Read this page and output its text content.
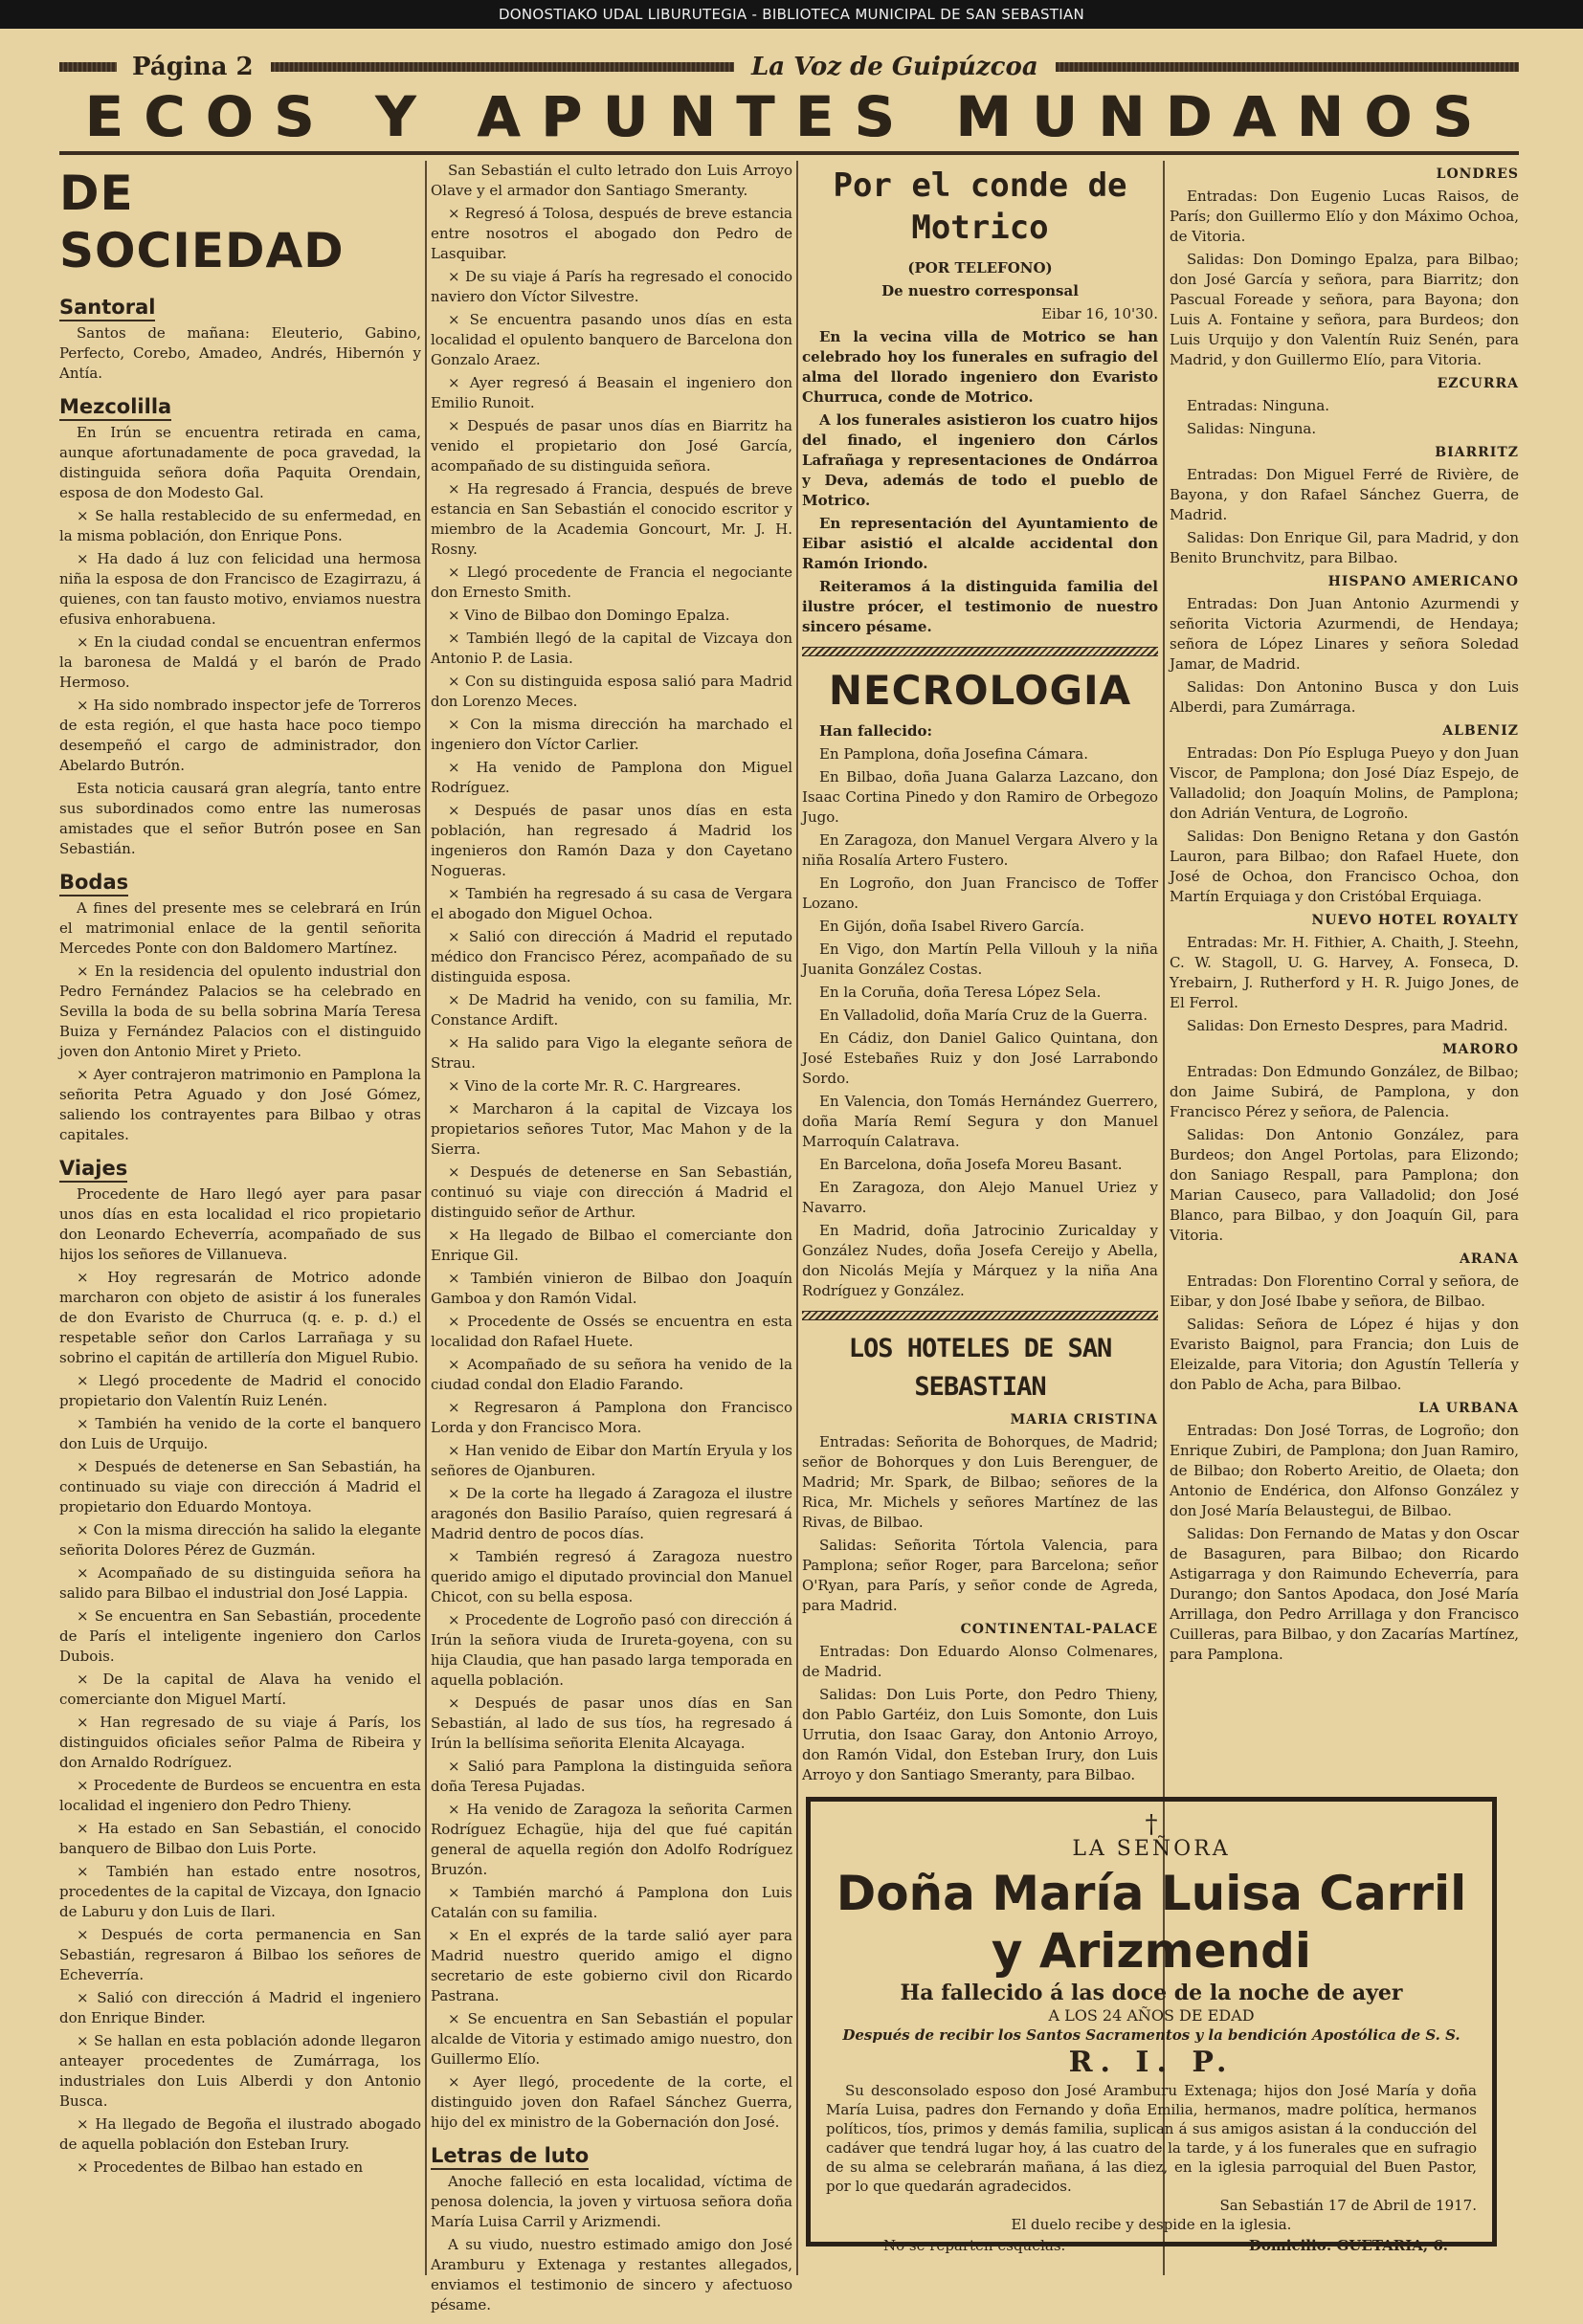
DONOSTIAKO UDAL LIBURUTEGIA - BIBLIOTECA MUNICIPAL DE SAN SEBASTIAN
Página 2	La Voz de Guipúzcoa
ECOS Y APUNTES MUNDANOS
DE SOCIEDAD
Santoral

Santos de mañana: Eleuterio, Gabino, Perfecto, Corebo, Amadeo, Andrés, Hibernón y Antía.

Mezcolilla

En Irún se encuentra retirada en cama, aunque afortunadamente de poca gravedad, la distinguida señora doña Paquita Orendain, esposa de don Modesto Gal.

× Se halla restablecido de su enfermedad, en la misma población, don Enrique Pons.

× Ha dado á luz con felicidad una hermosa niña la esposa de don Francisco de Ezagirrazu, á quienes, con tan fausto motivo, enviamos nuestra efusiva enhorabuena.

× En la ciudad condal se encuentran enfermos la baronesa de Maldá y el barón de Prado Hermoso.

× Ha sido nombrado inspector jefe de Torreros de esta región, el que hasta hace poco tiempo desempeñó el cargo de administrador, don Abelardo Butrón.

Esta noticia causará gran alegría, tanto entre sus subordinados como entre las numerosas amistades que el señor Butrón posee en San Sebastián.

Bodas

A fines del presente mes se celebrará en Irún el matrimonial enlace de la gentil señorita Mercedes Ponte con don Baldomero Martínez.

× En la residencia del opulento industrial don Pedro Fernández Palacios se ha celebrado en Sevilla la boda de su bella sobrina María Teresa Buiza y Fernández Palacios con el distinguido joven don Antonio Miret y Prieto.

× Ayer contrajeron matrimonio en Pamplona la señorita Petra Aguado y don José Gómez, saliendo los contrayentes para Bilbao y otras capitales.

Viajes

Procedente de Haro llegó ayer para pasar unos días en esta localidad el rico propietario don Leonardo Echeverría, acompañado de sus hijos los señores de Villanueva.

× Hoy regresarán de Motrico adonde marcharon con objeto de asistir á los funerales de don Evaristo de Churruca (q. e. p. d.) el respetable señor don Carlos Larrañaga y su sobrino el capitán de artillería don Miguel Rubio.

× Llegó procedente de Madrid el conocido propietario don Valentín Ruiz Lenén.

× También ha venido de la corte el banquero don Luis de Urquijo.

× Después de detenerse en San Sebastián, ha continuado su viaje con dirección á Madrid el propietario don Eduardo Montoya.

× Con la misma dirección ha salido la elegante señorita Dolores Pérez de Guzmán.

× Acompañado de su distinguida señora ha salido para Bilbao el industrial don José Lappia.

× Se encuentra en San Sebastián, procedente de París el inteligente ingeniero don Carlos Dubois.

× De la capital de Alava ha venido el comerciante don Miguel Martí.

× Han regresado de su viaje á París, los distinguidos oficiales señor Palma de Ribeira y don Arnaldo Rodríguez.

× Procedente de Burdeos se encuentra en esta localidad el ingeniero don Pedro Thieny.

× Ha estado en San Sebastián, el conocido banquero de Bilbao don Luis Porte.

× También han estado entre nosotros, procedentes de la capital de Vizcaya, don Ignacio de Laburu y don Luis de Ilari.

× Después de corta permanencia en San Sebastián, regresaron á Bilbao los señores de Echeverría.

× Salió con dirección á Madrid el ingeniero don Enrique Binder.

× Se hallan en esta población adonde llegaron anteayer procedentes de Zumárraga, los industriales don Luis Alberdi y don Antonio Busca.

× Ha llegado de Begoña el ilustrado abogado de aquella población don Esteban Irury.

× Procedentes de Bilbao han estado en

San Sebastián el culto letrado don Luis Arroyo Olave y el armador don Santiago Smeranty.

× Regresó á Tolosa, después de breve estancia entre nosotros el abogado don Pedro de Lasquibar.

× De su viaje á París ha regresado el conocido naviero don Víctor Silvestre.

× Se encuentra pasando unos días en esta localidad el opulento banquero de Barcelona don Gonzalo Araez.

× Ayer regresó á Beasain el ingeniero don Emilio Runoit.

× Después de pasar unos días en Biarritz ha venido el propietario don José García, acompañado de su distinguida señora.

× Ha regresado á Francia, después de breve estancia en San Sebastián el conocido escritor y miembro de la Academia Goncourt, Mr. J. H. Rosny.

× Llegó procedente de Francia el negociante don Ernesto Smith.

× Vino de Bilbao don Domingo Epalza.

× También llegó de la capital de Vizcaya don Antonio P. de Lasia.

× Con su distinguida esposa salió para Madrid don Lorenzo Meces.

× Con la misma dirección ha marchado el ingeniero don Víctor Carlier.

× Ha venido de Pamplona don Miguel Rodríguez.

× Después de pasar unos días en esta población, han regresado á Madrid los ingenieros don Ramón Daza y don Cayetano Nogueras.

× También ha regresado á su casa de Vergara el abogado don Miguel Ochoa.

× Salió con dirección á Madrid el reputado médico don Francisco Pérez, acompañado de su distinguida esposa.

× De Madrid ha venido, con su familia, Mr. Constance Ardift.

× Ha salido para Vigo la elegante señora de Strau.

× Vino de la corte Mr. R. C. Hargreares.

× Marcharon á la capital de Vizcaya los propietarios señores Tutor, Mac Mahon y de la Sierra.

× Después de detenerse en San Sebastián, continuó su viaje con dirección á Madrid el distinguido señor de Arthur.

× Ha llegado de Bilbao el comerciante don Enrique Gil.

× También vinieron de Bilbao don Joaquín Gamboa y don Ramón Vidal.

× Procedente de Ossés se encuentra en esta localidad don Rafael Huete.

× Acompañado de su señora ha venido de la ciudad condal don Eladio Farando.

× Regresaron á Pamplona don Francisco Lorda y don Francisco Mora.

× Han venido de Eibar don Martín Eryula y los señores de Ojanburen.

× De la corte ha llegado á Zaragoza el ilustre aragonés don Basilio Paraíso, quien regresará á Madrid dentro de pocos días.

× También regresó á Zaragoza nuestro querido amigo el diputado provincial don Manuel Chicot, con su bella esposa.

× Procedente de Logroño pasó con dirección á Irún la señora viuda de Irureta-goyena, con su hija Claudia, que han pasado larga temporada en aquella población.

× Después de pasar unos días en San Sebastián, al lado de sus tíos, ha regresado á Irún la bellísima señorita Elenita Alcayaga.

× Salió para Pamplona la distinguida señora doña Teresa Pujadas.

× Ha venido de Zaragoza la señorita Carmen Rodríguez Echagüe, hija del que fué capitán general de aquella región don Adolfo Rodríguez Bruzón.

× También marchó á Pamplona don Luis Catalán con su familia.

× En el exprés de la tarde salió ayer para Madrid nuestro querido amigo el digno secretario de este gobierno civil don Ricardo Pastrana.

× Se encuentra en San Sebastián el popular alcalde de Vitoria y estimado amigo nuestro, don Guillermo Elío.

× Ayer llegó, procedente de la corte, el distinguido joven don Rafael Sánchez Guerra, hijo del ex ministro de la Gobernación don José.

Letras de luto

Anoche falleció en esta localidad, víctima de penosa dolencia, la joven y virtuosa señora doña María Luisa Carril y Arizmendi.

A su viudo, nuestro estimado amigo don José Aramburu y Extenaga y restantes allegados, enviamos el testimonio de sincero y afectuoso pésame.

Por el conde de Motrico

(POR TELEFONO)

De nuestro corresponsal

Eibar 16, 10'30.

En la vecina villa de Motrico se han celebrado hoy los funerales en sufragio del alma del llorado ingeniero don Evaristo Churruca, conde de Motrico.

A los funerales asistieron los cuatro hijos del finado, el ingeniero don Cárlos Lafrañaga y representaciones de Ondárroa y Deva, además de todo el pueblo de Motrico.

En representación del Ayuntamiento de Eibar asistió el alcalde accidental don Ramón Iriondo.

Reiteramos á la distinguida familia del ilustre prócer, el testimonio de nuestro sincero pésame.

NECROLOGIA

Han fallecido:

En Pamplona, doña Josefina Cámara.

En Bilbao, doña Juana Galarza Lazcano, don Isaac Cortina Pinedo y don Ramiro de Orbegozo Jugo.

En Zaragoza, don Manuel Vergara Alvero y la niña Rosalía Artero Fustero.

En Logroño, don Juan Francisco de Toffer Lozano.

En Gijón, doña Isabel Rivero García.

En Vigo, don Martín Pella Villouh y la niña Juanita González Costas.

En la Coruña, doña Teresa López Sela.

En Valladolid, doña María Cruz de la Guerra.

En Cádiz, don Daniel Galico Quintana, don José Estebañes Ruiz y don José Larrabondo Sordo.

En Valencia, don Tomás Hernández Guerrero, doña María Remí Segura y don Manuel Marroquín Calatrava.

En Barcelona, doña Josefa Moreu Basant.

En Zaragoza, don Alejo Manuel Uriez y Navarro.

En Madrid, doña Jatrocinio Zuricalday y González Nudes, doña Josefa Cereijo y Abella, don Nicolás Mejía y Márquez y la niña Ana Rodríguez y González.

LOS HOTELES DE SAN SEBASTIAN
MARIA CRISTINA

Entradas: Señorita de Bohorques, de Madrid; señor de Bohorques y don Luis Berenguer, de Madrid; Mr. Spark, de Bilbao; señores de la Rica, Mr. Michels y señores Martínez de las Rivas, de Bilbao.

Salidas: Señorita Tórtola Valencia, para Pamplona; señor Roger, para Barcelona; señor O'Ryan, para París, y señor conde de Agreda, para Madrid.

CONTINENTAL-PALACE

Entradas: Don Eduardo Alonso Colmenares, de Madrid.

Salidas: Don Luis Porte, don Pedro Thieny, don Pablo Gartéiz, don Luis Somonte, don Luis Urrutia, don Isaac Garay, don Antonio Arroyo, don Ramón Vidal, don Esteban Irury, don Luis Arroyo y don Santiago Smeranty, para Bilbao.

LONDRES

Entradas: Don Eugenio Lucas Raisos, de París; don Guillermo Elío y don Máximo Ochoa, de Vitoria.

Salidas: Don Domingo Epalza, para Bilbao; don José García y señora, para Biarritz; don Pascual Foreade y señora, para Bayona; don Luis A. Fontaine y señora, para Burdeos; don Luis Urquijo y don Valentín Ruiz Senén, para Madrid, y don Guillermo Elío, para Vitoria.

EZCURRA

Entradas: Ninguna.

Salidas: Ninguna.

BIARRITZ

Entradas: Don Miguel Ferré de Rivière, de Bayona, y don Rafael Sánchez Guerra, de Madrid.

Salidas: Don Enrique Gil, para Madrid, y don Benito Brunchvitz, para Bilbao.

HISPANO AMERICANO

Entradas: Don Juan Antonio Azurmendi y señorita Victoria Azurmendi, de Hendaya; señora de López Linares y señora Soledad Jamar, de Madrid.

Salidas: Don Antonino Busca y don Luis Alberdi, para Zumárraga.

ALBENIZ

Entradas: Don Pío Espluga Pueyo y don Juan Viscor, de Pamplona; don José Díaz Espejo, de Valladolid; don Joaquín Molins, de Pamplona; don Adrián Ventura, de Logroño.

Salidas: Don Benigno Retana y don Gastón Lauron, para Bilbao; don Rafael Huete, don José de Ochoa, don Francisco Ochoa, don Martín Erquiaga y don Cristóbal Erquiaga.

NUEVO HOTEL ROYALTY

Entradas: Mr. H. Fithier, A. Chaith, J. Steehn, C. W. Stagoll, U. G. Harvey, A. Fonseca, D. Yrebairn, J. Rutherford y H. R. Juigo Jones, de El Ferrol.

Salidas: Don Ernesto Despres, para Madrid.

MARORO

Entradas: Don Edmundo González, de Bilbao; don Jaime Subirá, de Pamplona, y don Francisco Pérez y señora, de Palencia.

Salidas: Don Antonio González, para Burdeos; don Angel Portolas, para Elizondo; don Saniago Respall, para Pamplona; don Marian Causeco, para Valladolid; don José Blanco, para Bilbao, y don Joaquín Gil, para Vitoria.

ARANA

Entradas: Don Florentino Corral y señora, de Eibar, y don José Ibabe y señora, de Bilbao.

Salidas: Señora de López é hijas y don Evaristo Baignol, para Francia; don Luis de Eleizalde, para Vitoria; don Agustín Tellería y don Pablo de Acha, para Bilbao.

LA URBANA

Entradas: Don José Torras, de Logroño; don Enrique Zubiri, de Pamplona; don Juan Ramiro, de Bilbao; don Roberto Areitio, de Olaeta; don Antonio de Endérica, don Alfonso González y don José María Belaustegui, de Bilbao.

Salidas: Don Fernando de Matas y don Oscar de Basaguren, para Bilbao; don Ricardo Astigarraga y don Raimundo Echeverría, para Durango; don Santos Apodaca, don José María Arrillaga, don Pedro Arrillaga y don Francisco Cuilleras, para Bilbao, y don Zacarías Martínez, para Pamplona.

†
LA SEÑORA
Doña María Luisa Carril y Arizmendi
Ha fallecido á las doce de la noche de ayer
A LOS 24 AÑOS DE EDAD
Después de recibir los Santos Sacramentos y la bendición Apostólica de S. S.
R. I. P.
Su desconsolado esposo don José Aramburu Extenaga; hijos don José María y doña María Luisa, padres don Fernando y doña Emilia, hermanos, madre política, hermanos políticos, tíos, primos y demás familia, suplican á sus amigos asistan á la conducción del cadáver que tendrá lugar hoy, á las cuatro de la tarde, y á los funerales que en sufragio de su alma se celebrarán mañana, á las diez, en la iglesia parroquial del Buen Pastor, por lo que quedarán agradecidos.
San Sebastián 17 de Abril de 1917.
El duelo recibe y despide en la iglesia.
No se reparten esquelas.	Domicilio: GUETARIA, 6.
